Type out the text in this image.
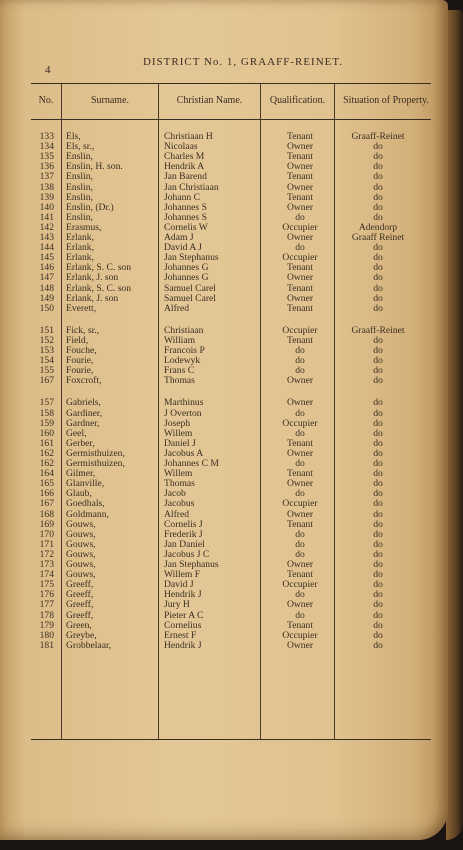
4
DISTRICT No. 1, GRAAFF-REINET.
No.	Surname.	Christian Name.	Qualification.	Situation of Property.
133 Els,	Christiaan H	Tenant	Graaff-Reinet
134 Els, sr.,	Nicolaas	Owner	do
135 Enslin,	Charles M	Tenant	do
136 Enslin, H. son.	Hendrik A	Owner	do
137 Enslin,	Jan Barend	Tenant	do
138 Enslin,	Jan Christiaan	Owner	do
139 Enslin,	Johann C	Tenant	do
140 Enslin, (Dr.)	Johannes S	Owner	do
141 Enslin,	Johannes S	do	do
142 Erasmus,	Cornelis W	Occupier	Adendorp
143 Erlank,	Adam J	Owner	Graaff Reinet
144 Erlank,	David A J	do	do
145 Erlank,	Jan Stephanus	Occupier	do
146 Erlank, S. C. son	Johannes G	Tenant	do
147 Erlank, J. son	Johannes G	Owner	do
148 Erlank, S. C. son	Samuel Carel	Tenant	do
149 Erlank, J. son	Samuel Carel	Owner	do
150 Everett,	Alfred	Tenant	do
151 Fick, sr.,	Christiaan	Occupier	Graaff-Reinet
152 Field,	William	Tenant	do
153 Fouche,	Francois P	do	do
154 Fourie,	Lodewyk	do	do
155 Fourie,	Frans C	do	do
167 Foxcroft,	Thomas	Owner	do
157 Gabriels,	Marthinus	Owner	do
158 Gardiner,	J Overton	do	do
159 Gardner,	Joseph	Occupier	do
160 Geel,	Willem	do	do
161 Gerber,	Daniel J	Tenant	do
162 Germisthuizen,	Jacobus A	Owner	do
162 Germisthuizen,	Johannes C M	do	do
164 Gilmer,	Willem	Tenant	do
165 Glanville,	Thomas	Owner	do
166 Glaub,	Jacob	do	do
167 Goedhals,	Jacobus	Occupier	do
168 Goldmann,	Alfred	Owner	do
169 Gouws,	Cornelis J	Tenant	do
170 Gouws,	Frederik J	do	do
171 Gouws,	Jan Daniel	do	do
172 Gouws,	Jacobus J C	do	do
173 Gouws,	Jan Stephanus	Owner	do
174 Gouws,	Willem F	Tenant	do
175 Greeff,	David J	Occupier	do
176 Greeff,	Hendrik J	do	do
177 Greeff,	Jury H	Owner	do
178 Greeff,	Pieter A C	do	do
179 Green,	Cornelius	Tenant	do
180 Greybe,	Ernest F	Occupier	do
181 Grobbelaar,	Hendrik J	Owner	do
